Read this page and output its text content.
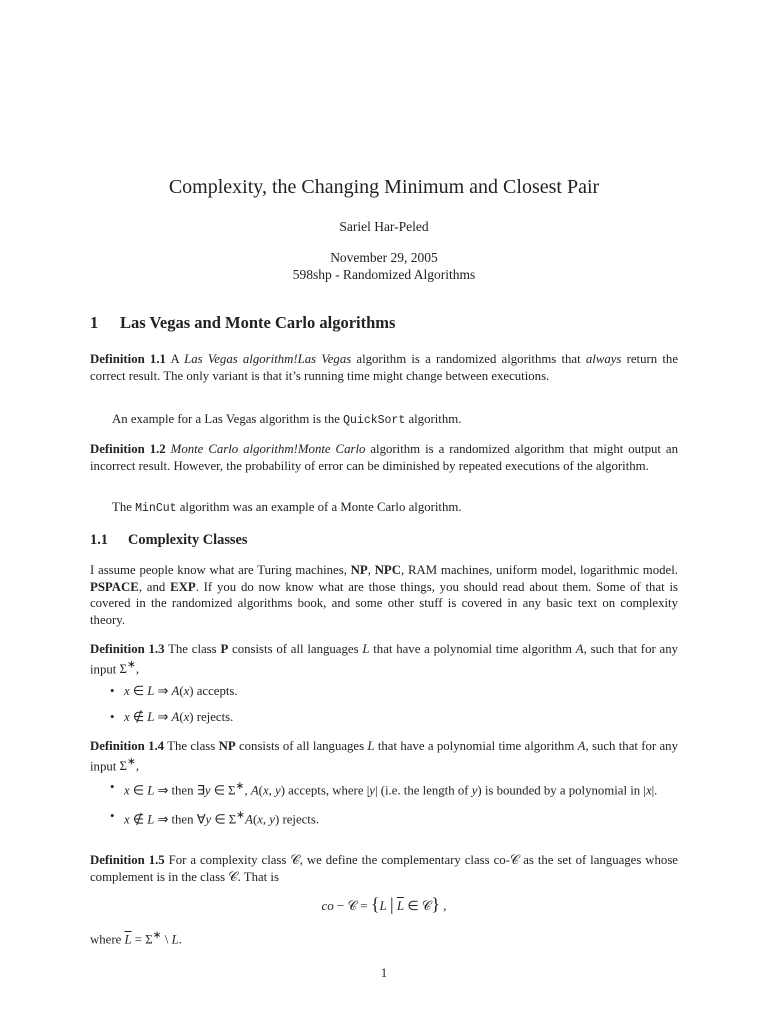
Complexity, the Changing Minimum and Closest Pair
Sariel Har-Peled
November 29, 2005
598shp - Randomized Algorithms
1 Las Vegas and Monte Carlo algorithms
Definition 1.1 A Las Vegas algorithm!Las Vegas algorithm is a randomized algorithms that always return the correct result. The only variant is that it’s running time might change between executions.
An example for a Las Vegas algorithm is the QuickSort algorithm.
Definition 1.2 Monte Carlo algorithm!Monte Carlo algorithm is a randomized algorithm that might output an incorrect result. However, the probability of error can be diminished by repeated executions of the algorithm.
The MinCut algorithm was an example of a Monte Carlo algorithm.
1.1 Complexity Classes
I assume people know what are Turing machines, NP, NPC, RAM machines, uniform model, logarithmic model. PSPACE, and EXP. If you do now know what are those things, you should read about them. Some of that is covered in the randomized algorithms book, and some other stuff is covered in any basic text on complexity theory.
Definition 1.3 The class P consists of all languages L that have a polynomial time algorithm A, such that for any input Σ∗,
• x ∈ L ⇒ A(x) accepts.
• x ∉ L ⇒ A(x) rejects.
Definition 1.4 The class NP consists of all languages L that have a polynomial time algorithm A, such that for any input Σ∗,
• x ∈ L ⇒ then ∃y ∈ Σ∗, A(x, y) accepts, where |y| (i.e. the length of y) is bounded by a polynomial in |x|.
• x ∉ L ⇒ then ∀y ∈ Σ∗A(x, y) rejects.
Definition 1.5 For a complexity class 𝒞, we define the complementary class co-𝒞 as the set of languages whose complement is in the class 𝒞. That is
co − 𝒞 = {L | $\overline{L}$ ∈ 𝒞} ,
where $\overline{L} = \Sigma^∗$ \ L.
1
